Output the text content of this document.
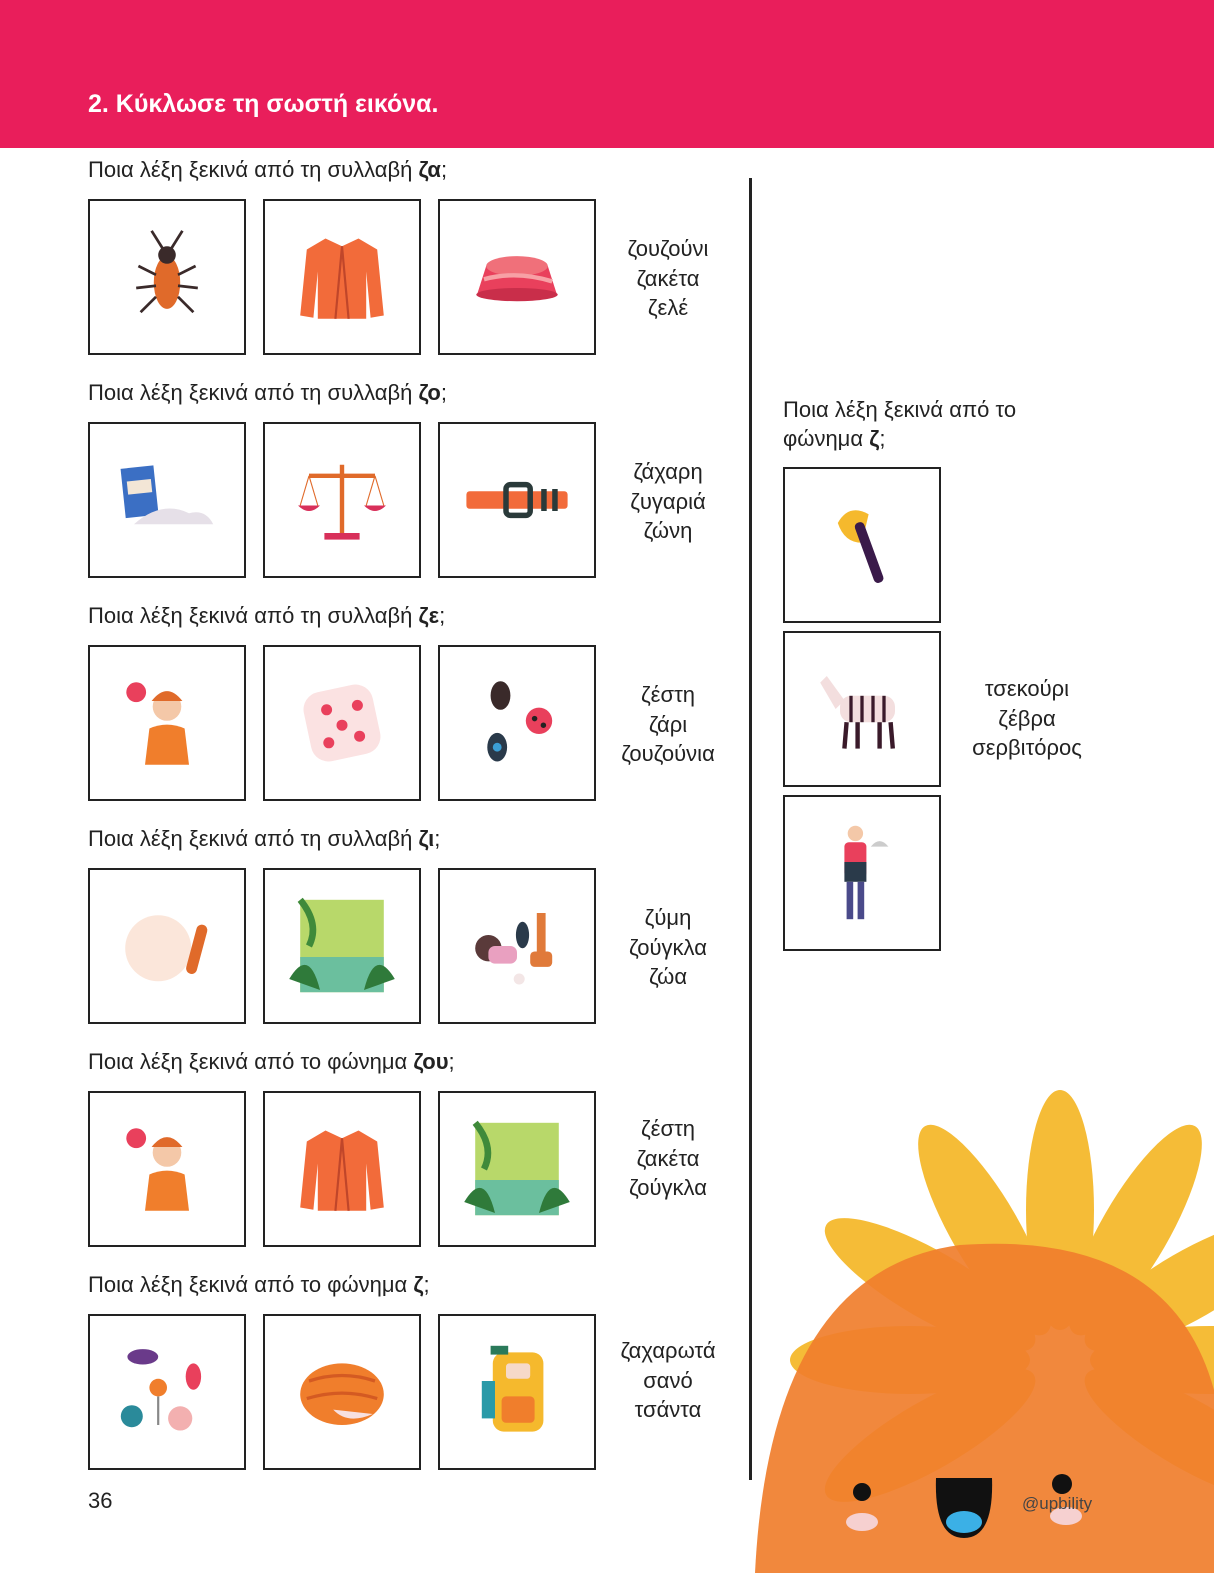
2. Κύκλωσε τη σωστή εικόνα.
Ποια λέξη ξεκινά από τη συλλαβή ζα;
ζουζούνι
ζακέτα
ζελέ
Ποια λέξη ξεκινά από τη συλλαβή ζο;
ζάχαρη
ζυγαριά
ζώνη
Ποια λέξη ξεκινά από τη συλλαβή ζε;
ζέστη
ζάρι
ζουζούνια
Ποια λέξη ξεκινά από τη συλλαβή ζι;
ζύμη
ζούγκλα
ζώα
Ποια λέξη ξεκινά από το φώνημα ζου;
ζέστη
ζακέτα
ζούγκλα
Ποια λέξη ξεκινά από το φώνημα ζ;
ζαχαρωτά
σανό
τσάντα
Ποια λέξη ξεκινά από το φώνημα ζ;
τσεκούρι
ζέβρα
σερβιτόρος
36	@upbility
